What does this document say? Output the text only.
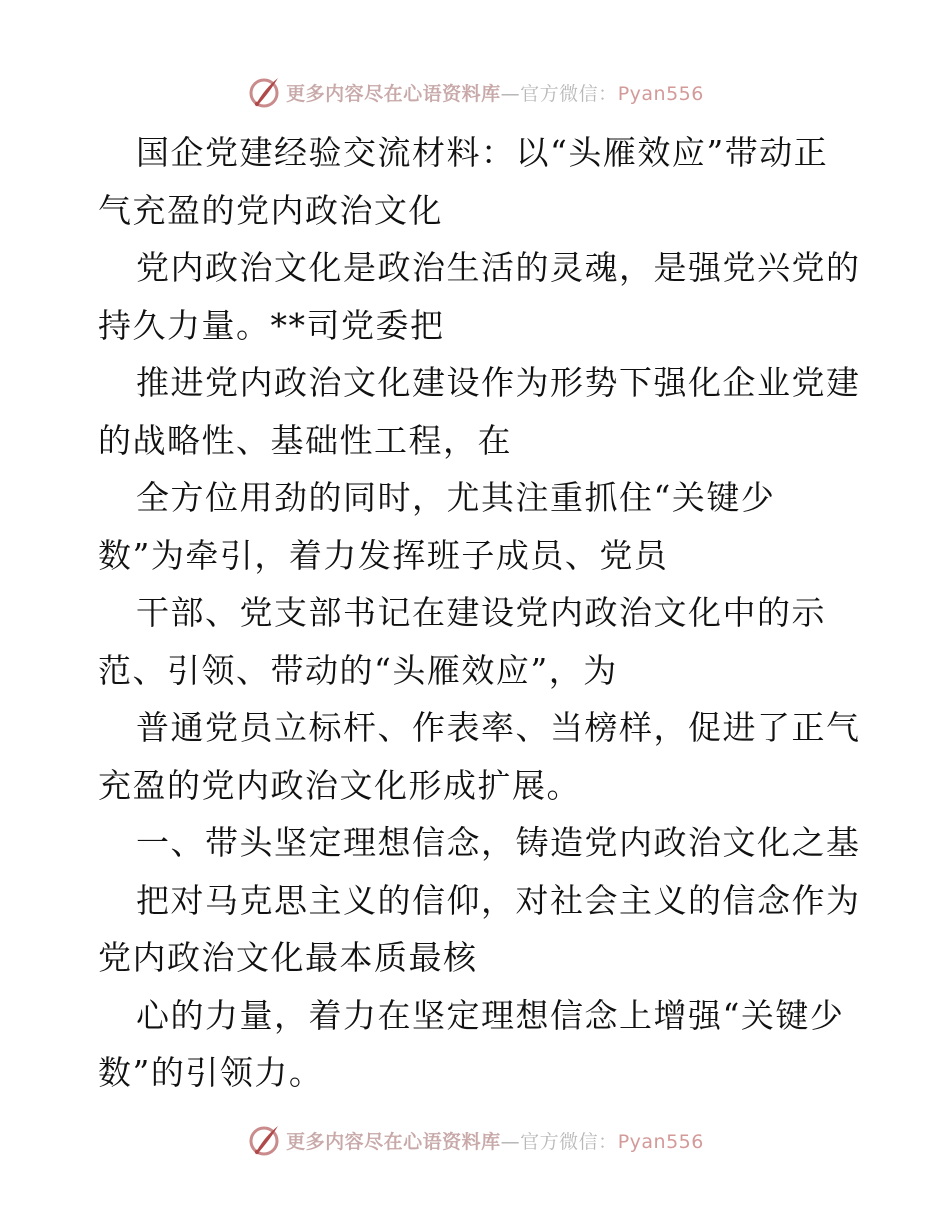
更多内容尽在心语资料库—官方微信：Pyan556
国企党建经验交流材料：以“头雁效应”带动正
气充盈的党内政治文化
党内政治文化是政治生活的灵魂，是强党兴党的
持久力量。**司党委把
推进党内政治文化建设作为形势下强化企业党建
的战略性、基础性工程，在
全方位用劲的同时，尤其注重抓住“关键少
数”为牵引，着力发挥班子成员、党员
干部、党支部书记在建设党内政治文化中的示
范、引领、带动的“头雁效应”，为
普通党员立标杆、作表率、当榜样，促进了正气
充盈的党内政治文化形成扩展。
一、带头坚定理想信念，铸造党内政治文化之基
把对马克思主义的信仰，对社会主义的信念作为
党内政治文化最本质最核
心的力量，着力在坚定理想信念上增强“关键少
数”的引领力。
更多内容尽在心语资料库—官方微信：Pyan556
